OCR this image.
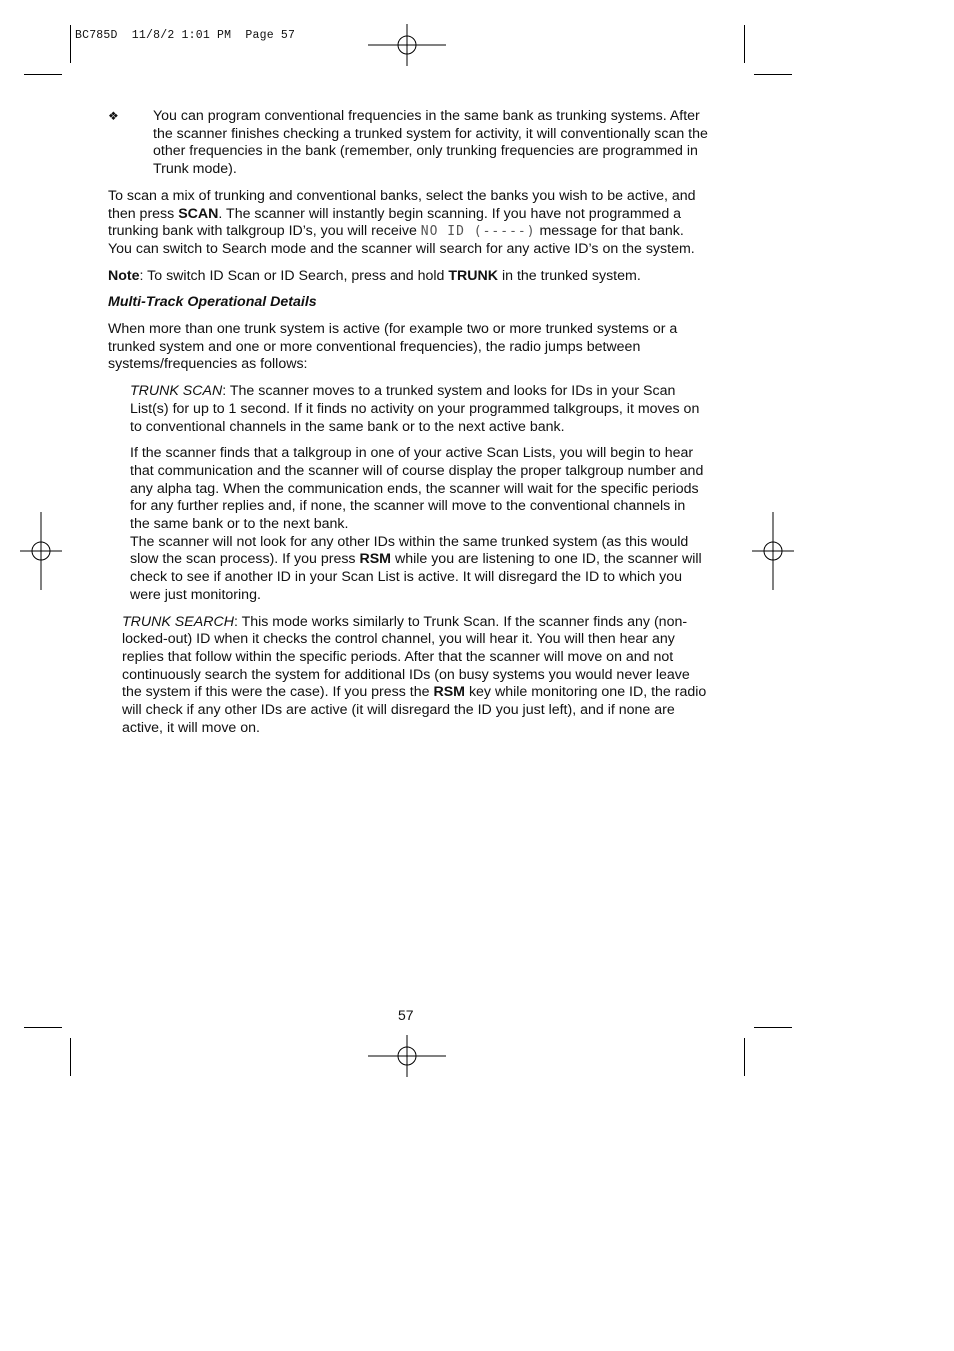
BC785D  11/8/2 1:01 PM  Page 57
❖ You can program conventional frequencies in the same bank as trunking systems. After the scanner finishes checking a trunked system for activity, it will conventionally scan the other frequencies in the bank (remember, only trunking frequencies are programmed in Trunk mode).

To scan a mix of trunking and conventional banks, select the banks you wish to be active, and then press SCAN. The scanner will instantly begin scanning. If you have not programmed a trunking bank with talkgroup ID’s, you will receive NO ID (-----) message for that bank. You can switch to Search mode and the scanner will search for any active ID’s on the system.

Note: To switch ID Scan or ID Search, press and hold TRUNK in the trunked system.

Multi-Track Operational Details

When more than one trunk system is active (for example two or more trunked systems or a trunked system and one or more conventional frequencies), the radio jumps between systems/frequencies as follows:

TRUNK SCAN: The scanner moves to a trunked system and looks for IDs in your Scan List(s) for up to 1 second. If it finds no activity on your programmed talkgroups, it moves on to conventional channels in the same bank or to the next active bank.

If the scanner finds that a talkgroup in one of your active Scan Lists, you will begin to hear that communication and the scanner will of course display the proper talkgroup number and any alpha tag. When the communication ends, the scanner will wait for the specific periods for any further replies and, if none, the scanner will move to the conventional channels in the same bank or to the next bank.
The scanner will not look for any other IDs within the same trunked system (as this would slow the scan process). If you press RSM while you are listening to one ID, the scanner will check to see if another ID in your Scan List is active. It will disregard the ID to which you were just monitoring.

TRUNK SEARCH: This mode works similarly to Trunk Scan. If the scanner finds any (non-locked-out) ID when it checks the control channel, you will hear it. You will then hear any replies that follow within the specific periods. After that the scanner will move on and not continuously search the system for additional IDs (on busy systems you would never leave the system if this were the case). If you press the RSM key while monitoring one ID, the radio will check if any other IDs are active (it will disregard the ID you just left), and if none are active, it will move on.

57
